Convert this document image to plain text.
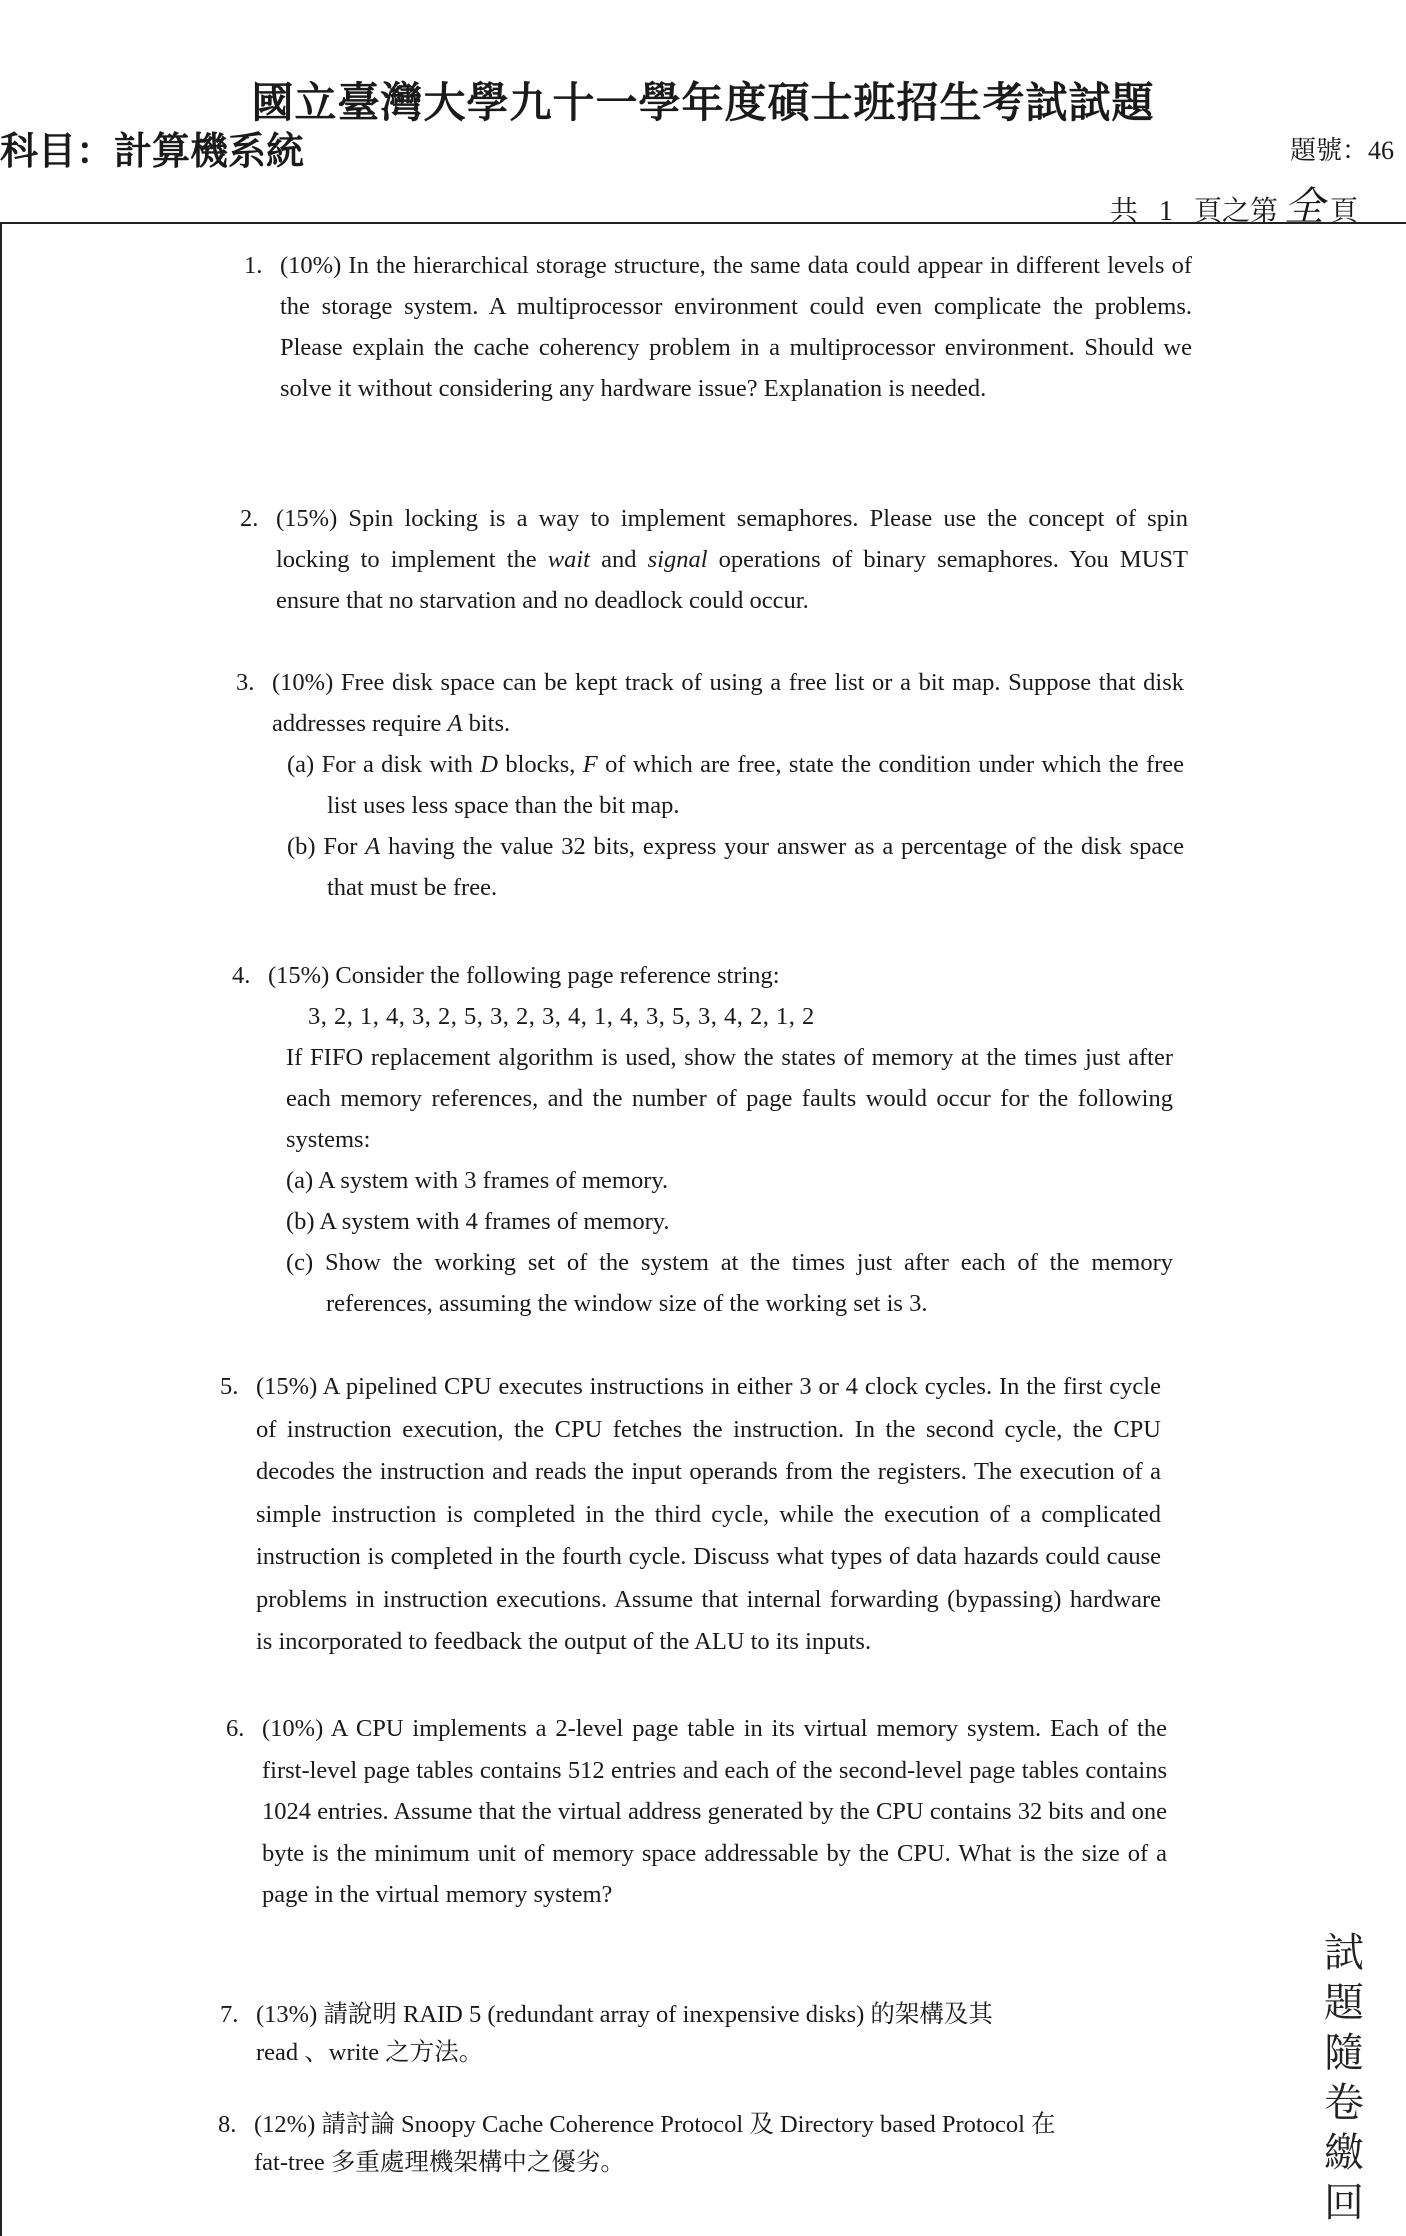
國立臺灣大學九十一學年度碩士班招生考試試題
科目：計算機系統	題號：46
共 1 頁之第 全 頁
1. (10%) In the hierarchical storage structure, the same data could appear in different levels of the storage system. A multiprocessor environment could even complicate the problems. Please explain the cache coherency problem in a multiprocessor environment. Should we solve it without considering any hardware issue? Explanation is needed.
2. (15%) Spin locking is a way to implement semaphores. Please use the concept of spin locking to implement the wait and signal operations of binary semaphores. You MUST ensure that no starvation and no deadlock could occur.
3. (10%) Free disk space can be kept track of using a free list or a bit map. Suppose that disk addresses require A bits.
(a) For a disk with D blocks, F of which are free, state the condition under which the free list uses less space than the bit map.
(b) For A having the value 32 bits, express your answer as a percentage of the disk space that must be free.
4. (15%) Consider the following page reference string:
3, 2, 1, 4, 3, 2, 5, 3, 2, 3, 4, 1, 4, 3, 5, 3, 4, 2, 1, 2
If FIFO replacement algorithm is used, show the states of memory at the times just after each memory references, and the number of page faults would occur for the following systems:
(a) A system with 3 frames of memory.
(b) A system with 4 frames of memory.
(c) Show the working set of the system at the times just after each of the memory references, assuming the window size of the working set is 3.
5. (15%) A pipelined CPU executes instructions in either 3 or 4 clock cycles. In the first cycle of instruction execution, the CPU fetches the instruction. In the second cycle, the CPU decodes the instruction and reads the input operands from the registers. The execution of a simple instruction is completed in the third cycle, while the execution of a complicated instruction is completed in the fourth cycle. Discuss what types of data hazards could cause problems in instruction executions. Assume that internal forwarding (bypassing) hardware is incorporated to feedback the output of the ALU to its inputs.
6. (10%) A CPU implements a 2-level page table in its virtual memory system. Each of the first-level page tables contains 512 entries and each of the second-level page tables contains 1024 entries. Assume that the virtual address generated by the CPU contains 32 bits and one byte is the minimum unit of memory space addressable by the CPU. What is the size of a page in the virtual memory system?
7. (13%) 請說明 RAID 5 (redundant array of inexpensive disks) 的架構及其
read 、write 之方法。
8. (12%) 請討論 Snoopy Cache Coherence Protocol 及 Directory based Protocol 在
fat-tree 多重處理機架構中之優劣。
試
題
隨
卷
繳
回
